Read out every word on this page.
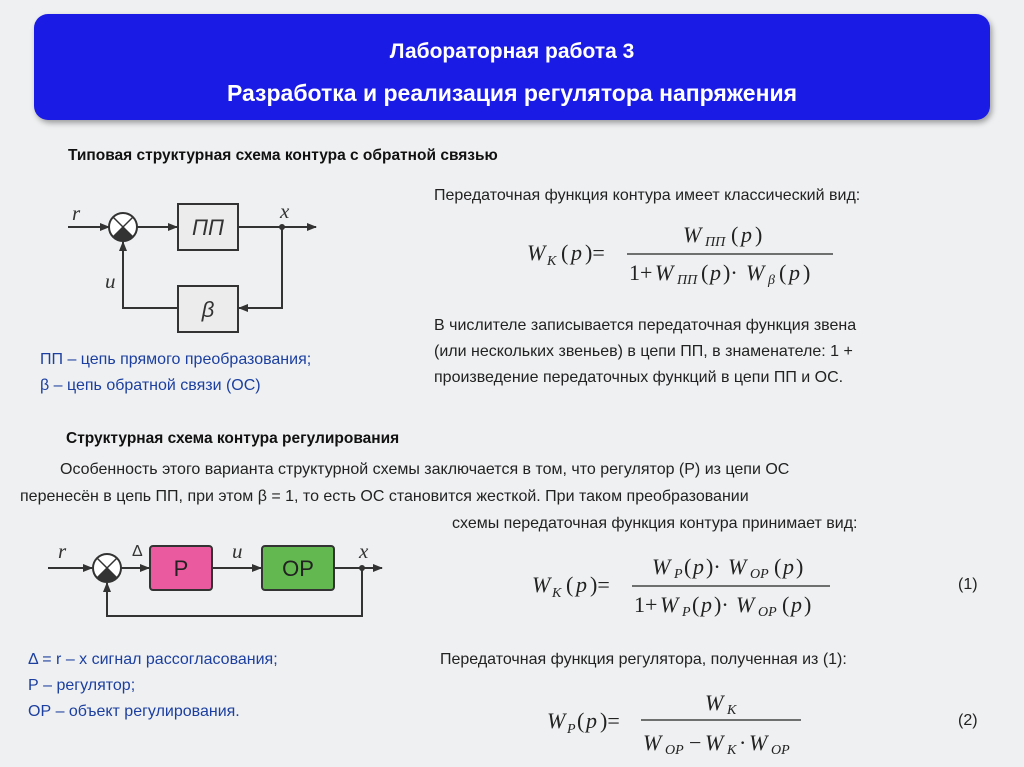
Лабораторная работа 3
Разработка и реализация регулятора напряжения
Типовая структурная схема контура с обратной связью
ПП
x
r
β
u
ПП – цепь прямого преобразования;
β – цепь обратной связи (ОС)
Передаточная функция контура имеет классический вид:
W K ( p )=
W ПП ( p )
1+ W ПП ( p )· W β ( p )
В числителе записывается передаточная функция звена
(или нескольких звеньев) в цепи ПП, в знаменателе: 1 +
произведение передаточных функций в цепи ПП и ОС.
Структурная схема контура регулирования
Особенность этого варианта структурной схемы заключается в том, что регулятор (Р) из цепи ОС
перенесён в цепь ПП, при этом β = 1, то есть ОС становится жесткой. При таком преобразовании
схемы передаточная функция контура принимает вид:
r	Δ
Р
u
ОР
x
Δ = r – x сигнал рассогласования;
Р – регулятор;
ОР – объект регулирования.
W K ( p )=
W P ( p )· W OP ( p )
1+ W P ( p )· W OP ( p )
(1)
Передаточная функция регулятора, полученная из (1):
W P ( p )=
W K
W OP − W K · W OP
(2)
